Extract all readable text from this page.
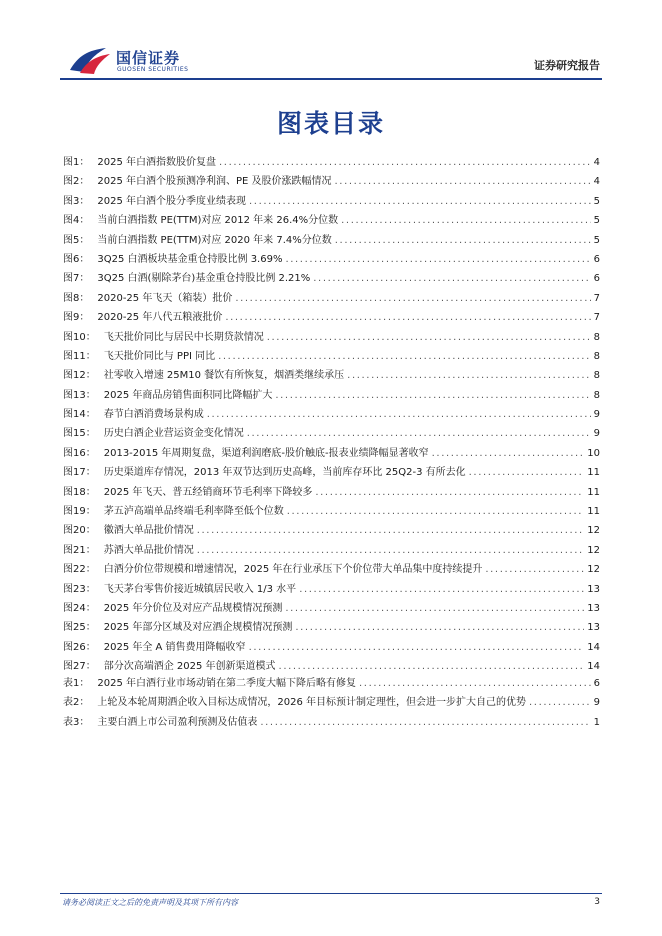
国信证券
GUOSEN SECURITIES	证券研究报告
图表目录
图1： 2025 年白酒指数股价复盘 .....	4
图2： 2025 年白酒个股预测净利润、PE 及股价涨跌幅情况 .....	4
图3： 2025 年白酒个股分季度业绩表现 .....	5
图4： 当前白酒指数 PE(TTM)对应 2012 年来 26.4%分位数 .....	5
图5： 当前白酒指数 PE(TTM)对应 2020 年来 7.4%分位数 .....	5
图6： 3Q25 白酒板块基金重仓持股比例 3.69% .....	6
图7： 3Q25 白酒(剔除茅台)基金重仓持股比例 2.21% .....	6
图8： 2020-25 年飞天（箱装）批价 .....	7
图9： 2020-25 年八代五粮液批价 .....	7
图10： 飞天批价同比与居民中长期贷款情况 .....	8
图11： 飞天批价同比与 PPI 同比 .....	8
图12： 社零收入增速 25M10 餐饮有所恢复，烟酒类继续承压 .....	8
图13： 2025 年商品房销售面积同比降幅扩大 .....	8
图14： 春节白酒消费场景构成 .....	9
图15： 历史白酒企业营运资金变化情况 .....	9
图16： 2013-2015 年周期复盘，渠道利润磨底-股价触底-报表业绩降幅显著收窄 .....	10
图17： 历史渠道库存情况，2013 年双节达到历史高峰，当前库存环比 25Q2-3 有所去化 .....	11
图18： 2025 年飞天、普五经销商环节毛利率下降较多 .....	11
图19： 茅五泸高端单品终端毛利率降至低个位数 .....	11
图20： 徽酒大单品批价情况 .....	12
图21： 苏酒大单品批价情况 .....	12
图22： 白酒分价位带规模和增速情况，2025 年在行业承压下个价位带大单品集中度持续提升 .....	12
图23： 飞天茅台零售价接近城镇居民收入 1/3 水平 .....	13
图24： 2025 年分价位及对应产品规模情况预测 .....	13
图25： 2025 年部分区域及对应酒企规模情况预测 .....	13
图26： 2025 年全 A 销售费用降幅收窄 .....	14
图27： 部分次高端酒企 2025 年创新渠道模式 .....	14
表1： 2025 年白酒行业市场动销在第二季度大幅下降后略有修复 .....	6
表2： 上轮及本轮周期酒企收入目标达成情况，2026 年目标预计制定理性，但会进一步扩大自己的优势 .....	9
表3： 主要白酒上市公司盈利预测及估值表 .....	1
请务必阅读正文之后的免责声明及其项下所有内容	3
